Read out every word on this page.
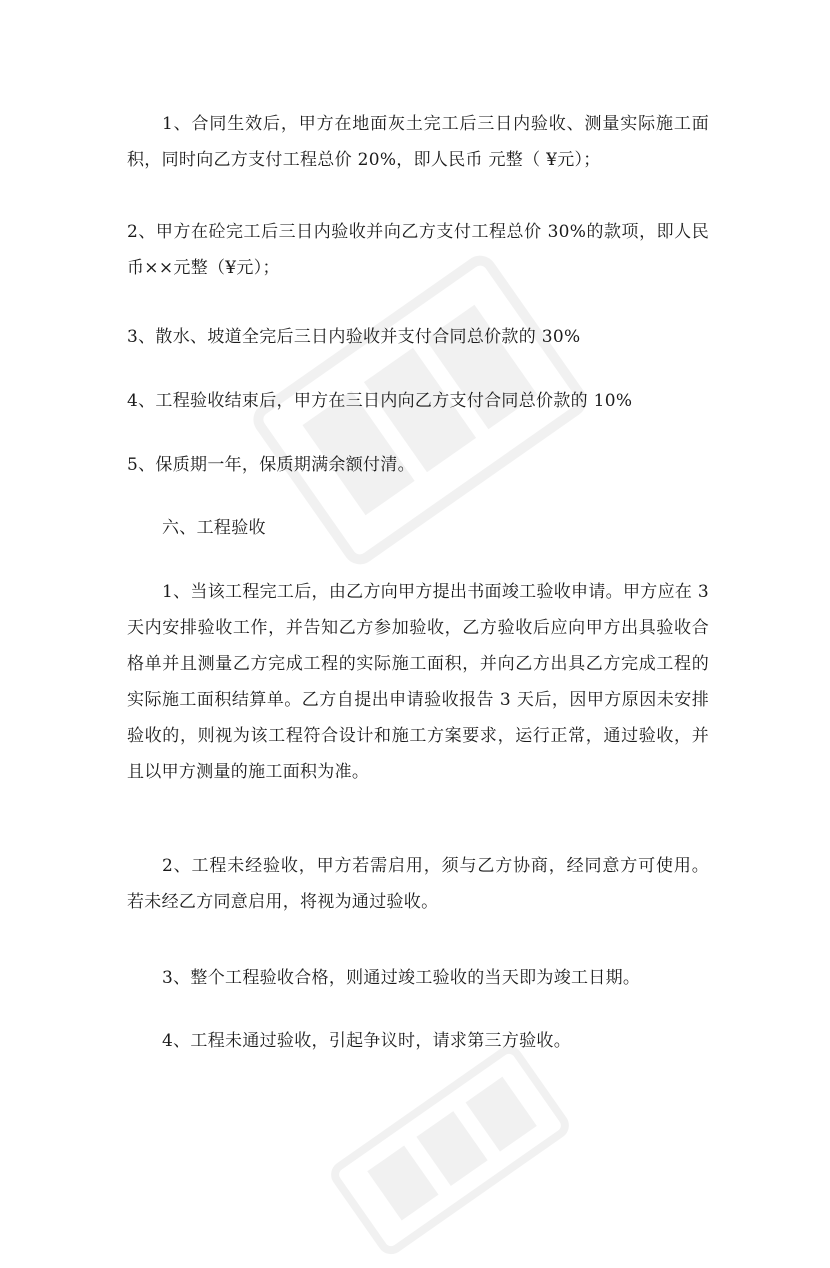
1、合同生效后，甲方在地面灰土完工后三日内验收、测量实际施工面积，同时向乙方支付工程总价 20%，即人民币 元整（ ¥元）；

2、甲方在砼完工后三日内验收并向乙方支付工程总价 30%的款项，即人民币××元整（¥元）；

3、散水、坡道全完后三日内验收并支付合同总价款的 30%

4、工程验收结束后，甲方在三日内向乙方支付合同总价款的 10%

5、保质期一年，保质期满余额付清。

六、工程验收

1、当该工程完工后，由乙方向甲方提出书面竣工验收申请。甲方应在 3 天内安排验收工作，并告知乙方参加验收，乙方验收后应向甲方出具验收合格单并且测量乙方完成工程的实际施工面积，并向乙方出具乙方完成工程的实际施工面积结算单。乙方自提出申请验收报告 3 天后，因甲方原因未安排验收的，则视为该工程符合设计和施工方案要求，运行正常，通过验收，并且以甲方测量的施工面积为准。

2、工程未经验收，甲方若需启用，须与乙方协商，经同意方可使用。若未经乙方同意启用，将视为通过验收。

3、整个工程验收合格，则通过竣工验收的当天即为竣工日期。

4、工程未通过验收，引起争议时，请求第三方验收。
